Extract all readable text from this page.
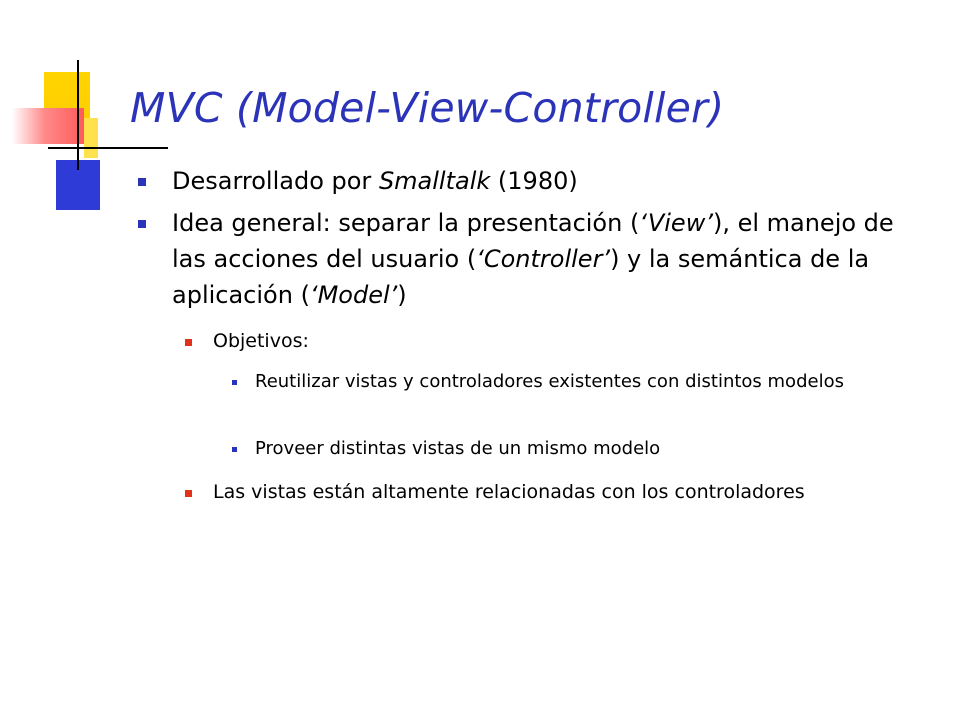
MVC (Model-View-Controller)
Desarrollado por Smalltalk (1980)
Idea general: separar la presentación (‘View’), el manejo de las acciones del usuario (‘Controller’) y la semántica de la aplicación (‘Model’)
Objetivos:
Reutilizar vistas y controladores existentes con distintos modelos
Proveer distintas vistas de un mismo modelo
Las vistas están altamente relacionadas con los controladores
